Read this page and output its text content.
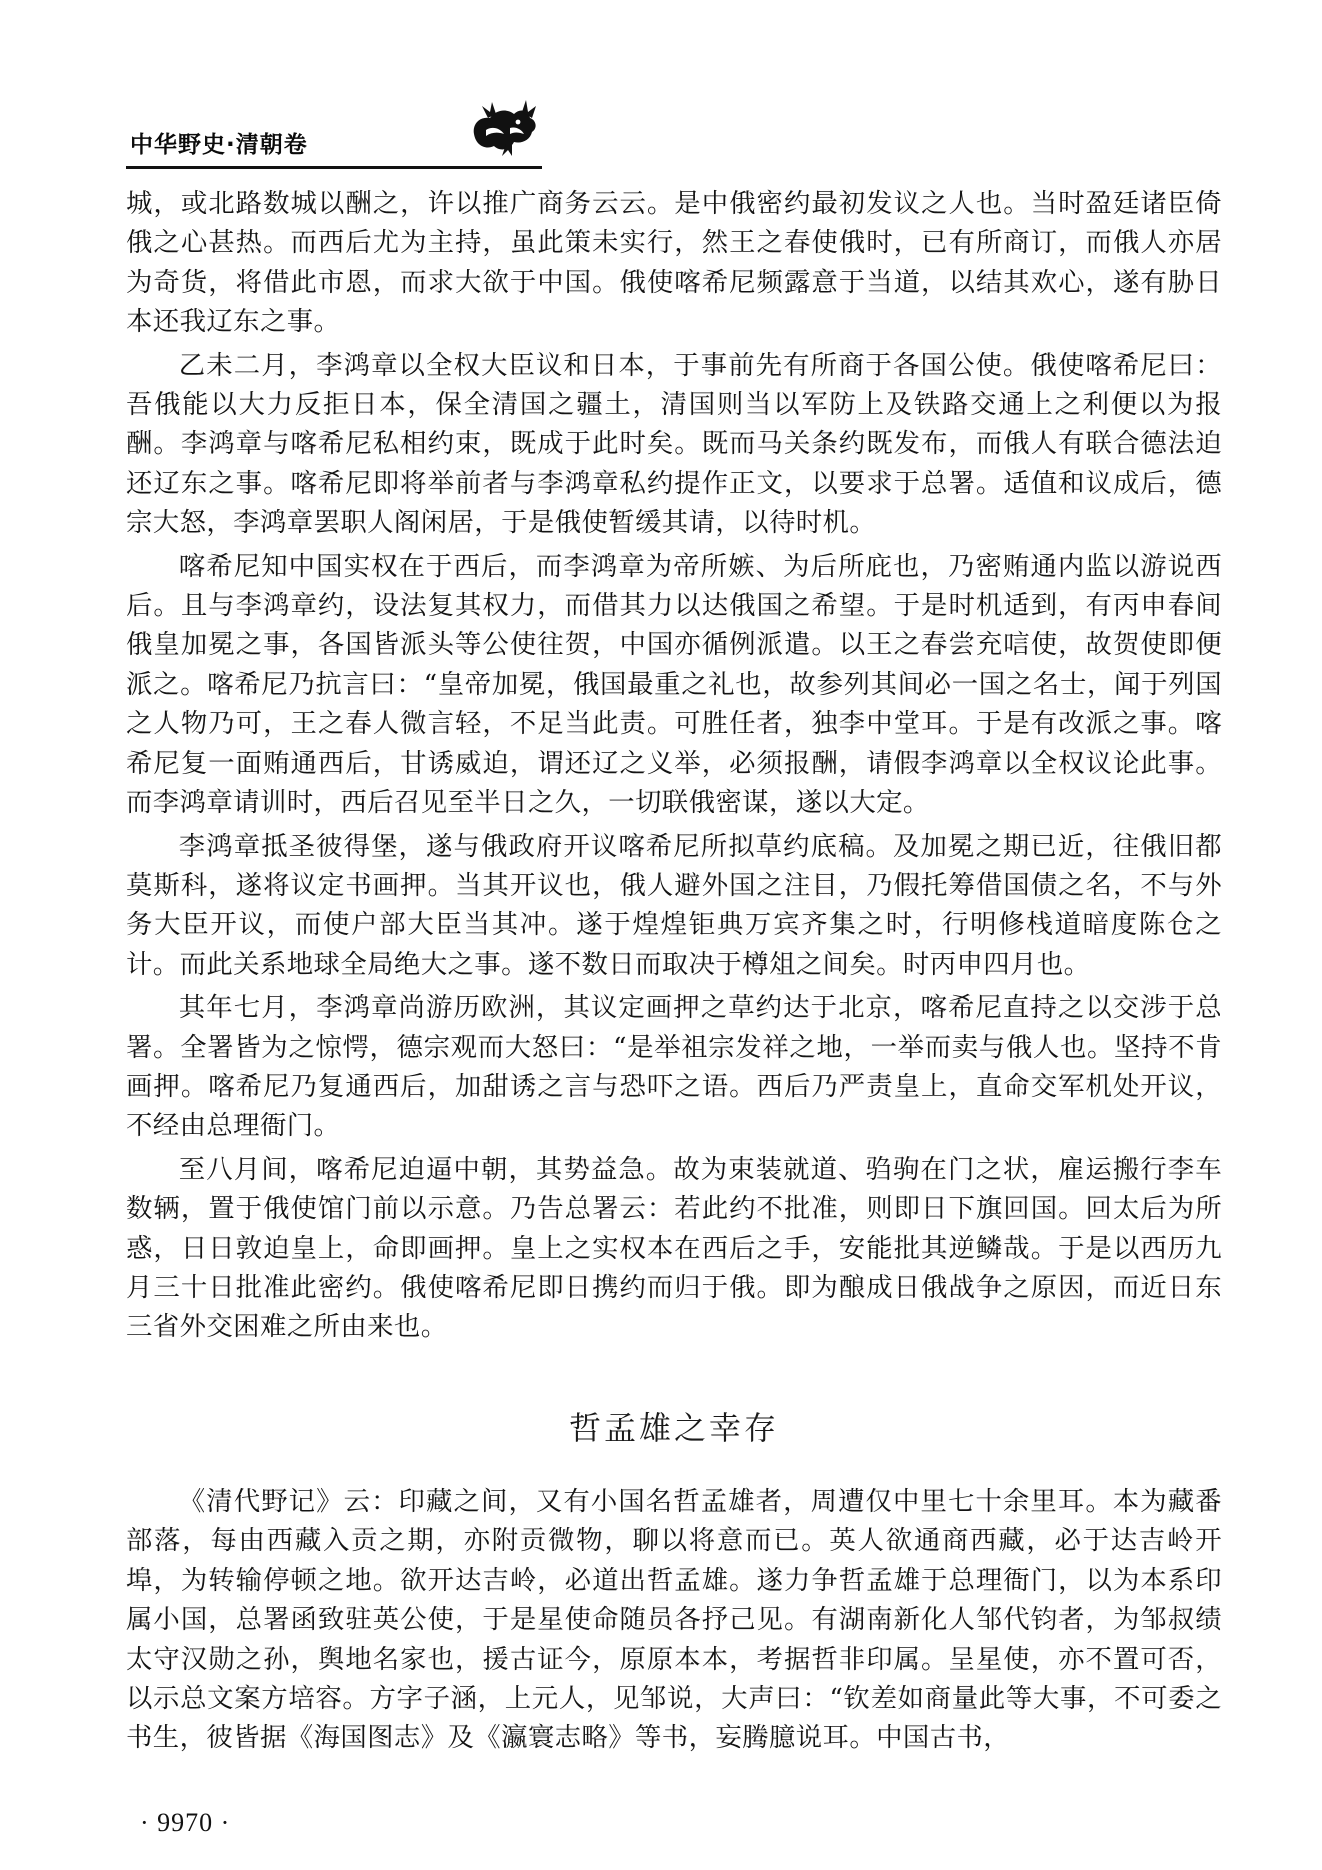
中华野史·清朝卷

城，或北路数城以酬之，许以推广商务云云。是中俄密约最初发议之人也。当时盈廷诸臣倚俄之心甚热。而西后尤为主持，虽此策未实行，然王之春使俄时，已有所商订，而俄人亦居为奇货，将借此市恩，而求大欲于中国。俄使喀希尼频露意于当道，以结其欢心，遂有胁日本还我辽东之事。

乙未二月，李鸿章以全权大臣议和日本，于事前先有所商于各国公使。俄使喀希尼曰：吾俄能以大力反拒日本，保全清国之疆土，清国则当以军防上及铁路交通上之利便以为报酬。李鸿章与喀希尼私相约束，既成于此时矣。既而马关条约既发布，而俄人有联合德法迫还辽东之事。喀希尼即将举前者与李鸿章私约提作正文，以要求于总署。适值和议成后，德宗大怒，李鸿章罢职人阁闲居，于是俄使暂缓其请，以待时机。

喀希尼知中国实权在于西后，而李鸿章为帝所嫉、为后所庇也，乃密贿通内监以游说西后。且与李鸿章约，设法复其权力，而借其力以达俄国之希望。于是时机适到，有丙申春间俄皇加冕之事，各国皆派头等公使往贺，中国亦循例派遣。以王之春尝充唁使，故贺使即便派之。喀希尼乃抗言曰：“皇帝加冕，俄国最重之礼也，故参列其间必一国之名士，闻于列国之人物乃可，王之春人微言轻，不足当此责。可胜任者，独李中堂耳。于是有改派之事。喀希尼复一面贿通西后，甘诱威迫，谓还辽之义举，必须报酬，请假李鸿章以全权议论此事。而李鸿章请训时，西后召见至半日之久，一切联俄密谋，遂以大定。

李鸿章抵圣彼得堡，遂与俄政府开议喀希尼所拟草约底稿。及加冕之期已近，往俄旧都莫斯科，遂将议定书画押。当其开议也，俄人避外国之注目，乃假托筹借国债之名，不与外务大臣开议，而使户部大臣当其冲。遂于煌煌钜典万宾齐集之时，行明修栈道暗度陈仓之计。而此关系地球全局绝大之事。遂不数日而取决于樽俎之间矣。时丙申四月也。

其年七月，李鸿章尚游历欧洲，其议定画押之草约达于北京，喀希尼直持之以交涉于总署。全署皆为之惊愕，德宗观而大怒曰：“是举祖宗发祥之地，一举而卖与俄人也。坚持不肯画押。喀希尼乃复通西后，加甜诱之言与恐吓之语。西后乃严责皇上，直命交军机处开议，不经由总理衙门。

至八月间，喀希尼迫逼中朝，其势益急。故为束装就道、驺驹在门之状，雇运搬行李车数辆，置于俄使馆门前以示意。乃告总署云：若此约不批准，则即日下旗回国。回太后为所惑，日日敦迫皇上，命即画押。皇上之实权本在西后之手，安能批其逆鳞哉。于是以西历九月三十日批准此密约。俄使喀希尼即日携约而归于俄。即为酿成日俄战争之原因，而近日东三省外交困难之所由来也。

哲孟雄之幸存

《清代野记》云：印藏之间，又有小国名哲孟雄者，周遭仅中里七十余里耳。本为藏番部落，每由西藏入贡之期，亦附贡微物，聊以将意而已。英人欲通商西藏，必于达吉岭开埠，为转输停顿之地。欲开达吉岭，必道出哲孟雄。遂力争哲孟雄于总理衙门，以为本系印属小国，总署函致驻英公使，于是星使命随员各抒己见。有湖南新化人邹代钧者，为邹叔绩太守汉勋之孙，舆地名家也，援古证今，原原本本，考据哲非印属。呈星使，亦不置可否，以示总文案方培容。方字子涵，上元人，见邹说，大声曰：“钦差如商量此等大事，不可委之书生，彼皆据《海国图志》及《瀛寰志略》等书，妄腾臆说耳。中国古书，

· 9970 ·
